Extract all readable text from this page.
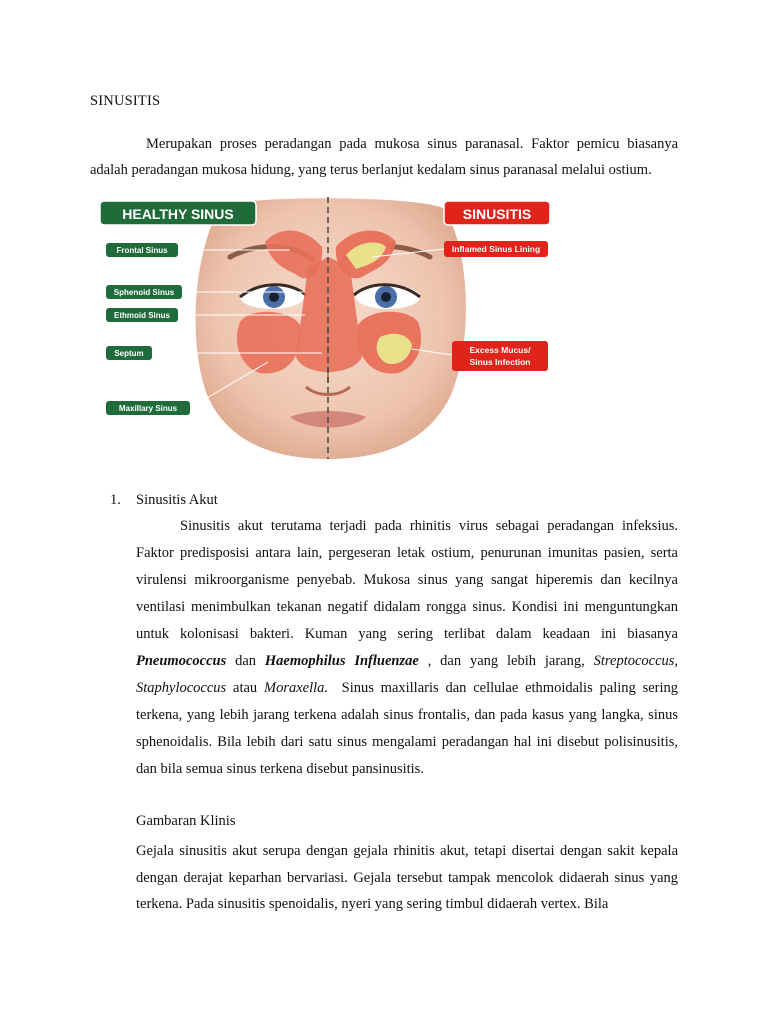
SINUSITIS
Merupakan proses peradangan pada mukosa sinus paranasal. Faktor pemicu biasanya adalah peradangan mukosa hidung, yang terus berlanjut kedalam sinus paranasal melalui ostium.
HEALTHY SINUS
Frontal Sinus
Sphenoid Sinus
Ethmoid Sinus
Septum
Maxillary Sinus
SINUSITIS
Inflamed Sinus Lining
Excess Mucus/
Sinus Infection
1.	Sinusitis Akut
Sinusitis akut terutama terjadi pada rhinitis virus sebagai peradangan infeksius. Faktor predisposisi antara lain, pergeseran letak ostium, penurunan imunitas pasien, serta virulensi mikroorganisme penyebab. Mukosa sinus yang sangat hiperemis dan kecilnya ventilasi menimbulkan tekanan negatif didalam rongga sinus. Kondisi ini menguntungkan untuk kolonisasi bakteri. Kuman yang sering terlibat dalam keadaan ini biasanya Pneumococcus dan Haemophilus Influenzae , dan yang lebih jarang, Streptococcus, Staphylococcus atau Moraxella. Sinus maxillaris dan cellulae ethmoidalis paling sering terkena, yang lebih jarang terkena adalah sinus frontalis, dan pada kasus yang langka, sinus sphenoidalis. Bila lebih dari satu sinus mengalami peradangan hal ini disebut polisinusitis, dan bila semua sinus terkena disebut pansinusitis.
Gambaran Klinis
Gejala sinusitis akut serupa dengan gejala rhinitis akut, tetapi disertai dengan sakit kepala dengan derajat keparhan bervariasi. Gejala tersebut tampak mencolok didaerah sinus yang terkena. Pada sinusitis spenoidalis, nyeri yang sering timbul didaerah vertex. Bila
